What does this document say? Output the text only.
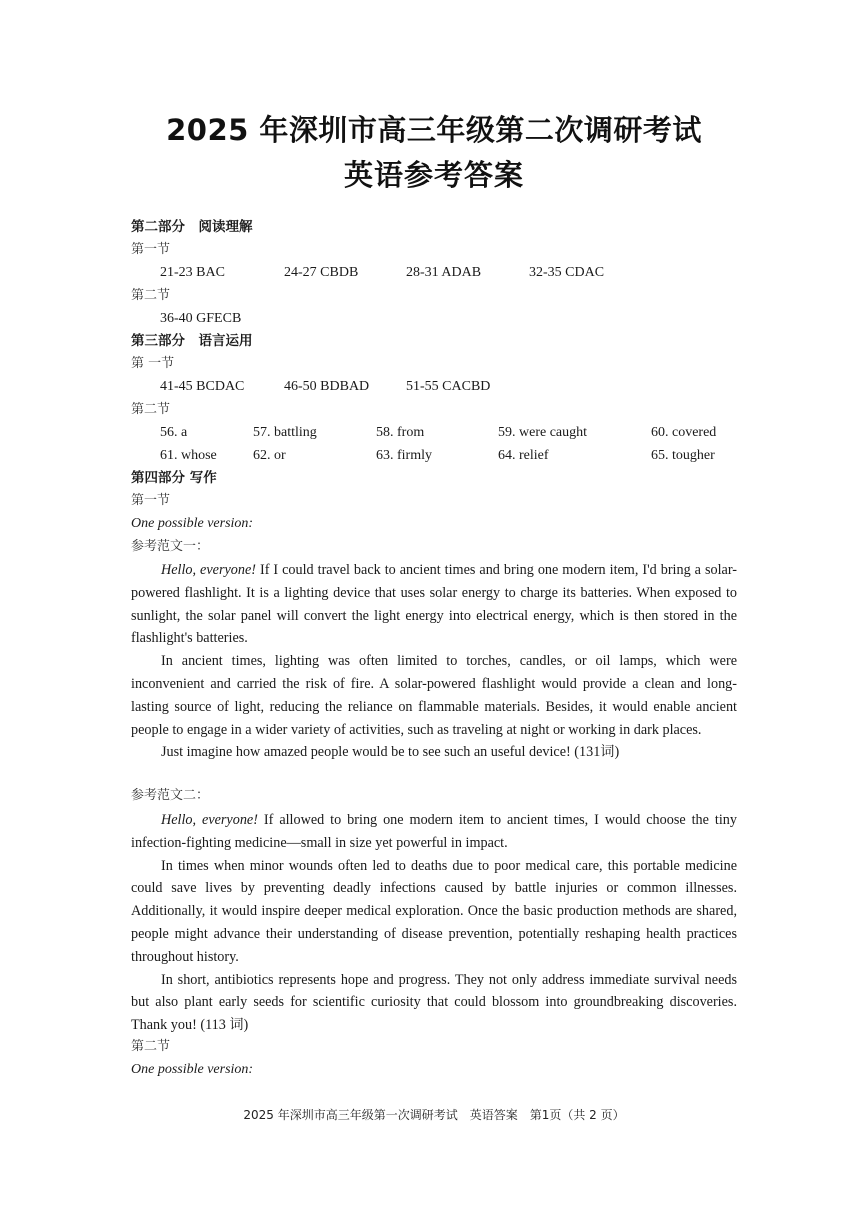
2025 年深圳市高三年级第二次调研考试
英语参考答案
第二部分　阅读理解
第一节
21-23 BAC	24-27 CBDB	28-31 ADAB	32-35 CDAC
第二节
36-40 GFECB
第三部分　语言运用
第 一节
41-45 BCDAC	46-50 BDBAD	51-55 CACBD
第二节
56. a	57. battling	58. from	59. were caught	60. covered
61. whose	62. or	63. firmly	64. relief	65. tougher
第四部分 写作
第一节
One possible version:
参考范文一：

Hello, everyone! If I could travel back to ancient times and bring one modern item, I'd bring a solar-powered flashlight. It is a lighting device that uses solar energy to charge its batteries. When exposed to sunlight, the solar panel will convert the light energy into electrical energy, which is then stored in the flashlight's batteries.

In ancient times, lighting was often limited to torches, candles, or oil lamps, which were inconvenient and carried the risk of fire. A solar-powered flashlight would provide a clean and long-lasting source of light, reducing the reliance on flammable materials. Besides, it would enable ancient people to engage in a wider variety of activities, such as traveling at night or working in dark places.

Just imagine how amazed people would be to see such an useful device! (131词)

参考范文二：

Hello, everyone! If allowed to bring one modern item to ancient times, I would choose the tiny infection-fighting medicine—small in size yet powerful in impact.

In times when minor wounds often led to deaths due to poor medical care, this portable medicine could save lives by preventing deadly infections caused by battle injuries or common illnesses. Additionally, it would inspire deeper medical exploration. Once the basic production methods are shared, people might advance their understanding of disease prevention, potentially reshaping health practices throughout history.

In short, antibiotics represents hope and progress. They not only address immediate survival needs but also plant early seeds for scientific curiosity that could blossom into groundbreaking discoveries. Thank you! (113 词)

第二节
One possible version:
2025 年深圳市高三年级第一次调研考试　英语答案　第1页（共 2 页）
